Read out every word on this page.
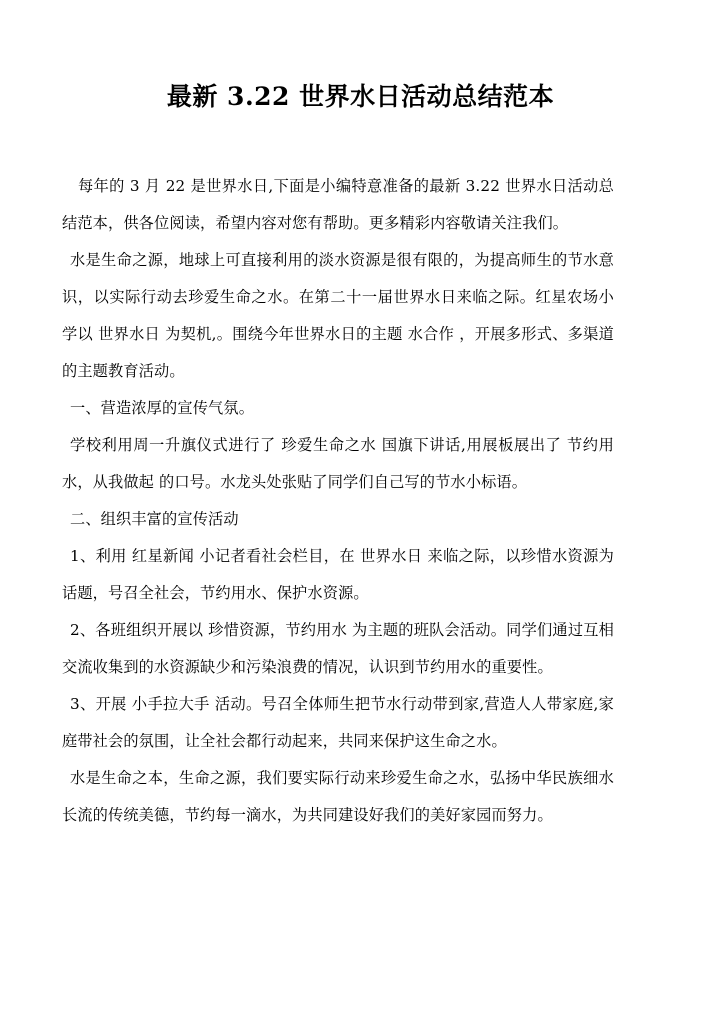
最新 3.22 世界水日活动总结范本

每年的 3 月 22 是世界水日,下面是小编特意准备的最新 3.22 世界水日活动总结范本，供各位阅读，希望内容对您有帮助。更多精彩内容敬请关注我们。

水是生命之源，地球上可直接利用的淡水资源是很有限的，为提高师生的节水意识，以实际行动去珍爱生命之水。在第二十一届世界水日来临之际。红星农场小学以 世界水日 为契机,。围绕今年世界水日的主题 水合作 ，开展多形式、多渠道的主题教育活动。

一、营造浓厚的宣传气氛。

学校利用周一升旗仪式进行了 珍爱生命之水 国旗下讲话,用展板展出了 节约用水，从我做起 的口号。水龙头处张贴了同学们自己写的节水小标语。

二、组织丰富的宣传活动

1、利用 红星新闻 小记者看社会栏目，在 世界水日 来临之际，以珍惜水资源为话题，号召全社会，节约用水、保护水资源。

2、各班组织开展以 珍惜资源，节约用水 为主题的班队会活动。同学们通过互相交流收集到的水资源缺少和污染浪费的情况，认识到节约用水的重要性。

3、开展 小手拉大手 活动。号召全体师生把节水行动带到家,营造人人带家庭,家庭带社会的氛围，让全社会都行动起来，共同来保护这生命之水。

水是生命之本，生命之源，我们要实际行动来珍爱生命之水，弘扬中华民族细水长流的传统美德，节约每一滴水，为共同建设好我们的美好家园而努力。
